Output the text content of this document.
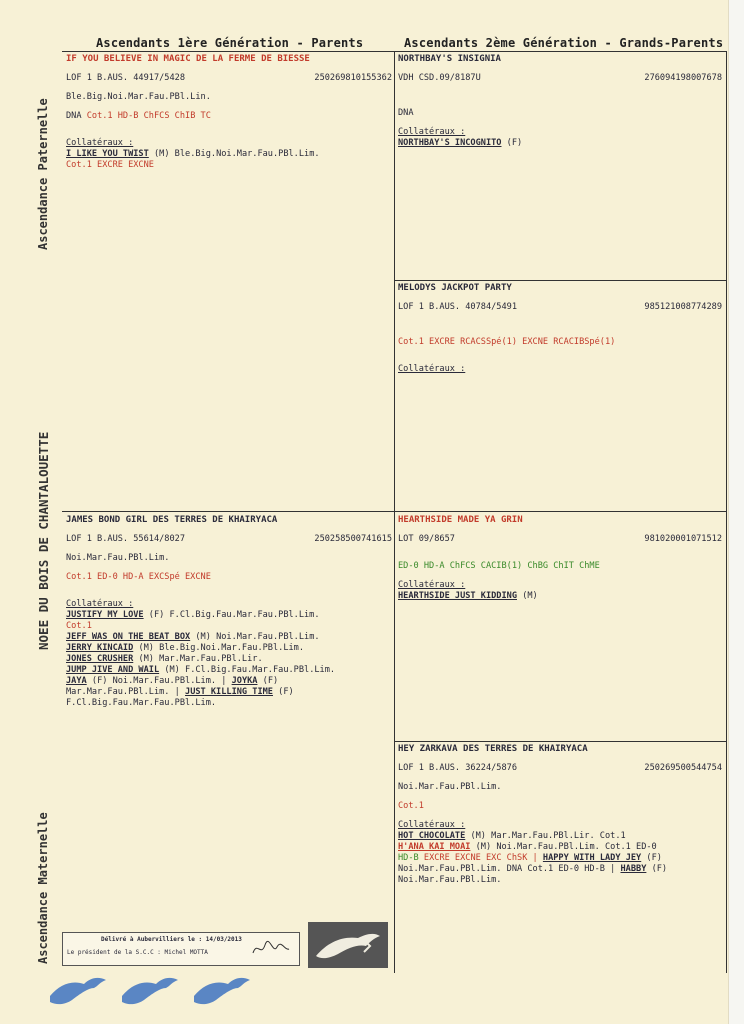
Ascendants 1ère Génération - Parents	Ascendants 2ème Génération - Grands-Parents
Ascendance Paternelle
NOEE DU BOIS DE CHANTALOUETTE
Ascendance Maternelle
IF YOU BELIEVE IN MAGIC DE LA FERME DE BIESSE
LOF 1 B.AUS. 44917/5428	250269810155362
Ble.Big.Noi.Mar.Fau.PBl.Lin.
DNA Cot.1 HD-B ChFCS ChIB TC
Collatéraux :
I LIKE YOU TWIST (M) Ble.Big.Noi.Mar.Fau.PBl.Lim.
Cot.1 EXCRE EXCNE
NORTHBAY'S INSIGNIA
VDH CSD.09/8187U	276094198007678
DNA
Collatéraux :
NORTHBAY'S INCOGNITO (F)
MELODYS JACKPOT PARTY
LOF 1 B.AUS. 40784/5491	985121008774289
Cot.1 EXCRE RCACSSpé(1) EXCNE RCACIBSpé(1)
Collatéraux :
JAMES BOND GIRL DES TERRES DE KHAIRYACA
LOF 1 B.AUS. 55614/8027	250258500741615
Noi.Mar.Fau.PBl.Lim.
Cot.1 ED-0 HD-A EXCSpé EXCNE
Collatéraux :
JUSTIFY MY LOVE (F) F.Cl.Big.Fau.Mar.Fau.PBl.Lim.
Cot.1
JEFF WAS ON THE BEAT BOX (M) Noi.Mar.Fau.PBl.Lim.
JERRY KINCAID (M) Ble.Big.Noi.Mar.Fau.PBl.Lim.
JONES CRUSHER (M) Mar.Mar.Fau.PBl.Lir.
JUMP JIVE AND WAIL (M) F.Cl.Big.Fau.Mar.Fau.PBl.Lim.
JAYA (F) Noi.Mar.Fau.PBl.Lim. | JOYKA (F)
Mar.Mar.Fau.PBl.Lim. | JUST KILLING TIME (F)
F.Cl.Big.Fau.Mar.Fau.PBl.Lim.
HEARTHSIDE MADE YA GRIN
LOT 09/8657	981020001071512
ED-0 HD-A ChFCS CACIB(1) ChBG ChIT ChME
Collatéraux :
HEARTHSIDE JUST KIDDING (M)
HEY ZARKAVA DES TERRES DE KHAIRYACA
LOF 1 B.AUS. 36224/5876	250269500544754
Noi.Mar.Fau.PBl.Lim.
Cot.1
Collatéraux :
HOT CHOCOLATE (M) Mar.Mar.Fau.PBl.Lir. Cot.1
H'ANA KAI MOAI (M) Noi.Mar.Fau.PBl.Lim. Cot.1 ED-0
HD-B EXCRE EXCNE EXC ChSK | HAPPY WITH LADY JEY (F)
Noi.Mar.Fau.PBl.Lim. DNA Cot.1 ED-0 HD-B | HABBY (F)
Noi.Mar.Fau.PBl.Lim.
Délivré à Aubervilliers le : 14/03/2013
Le président de la S.C.C : Michel MOTTA
